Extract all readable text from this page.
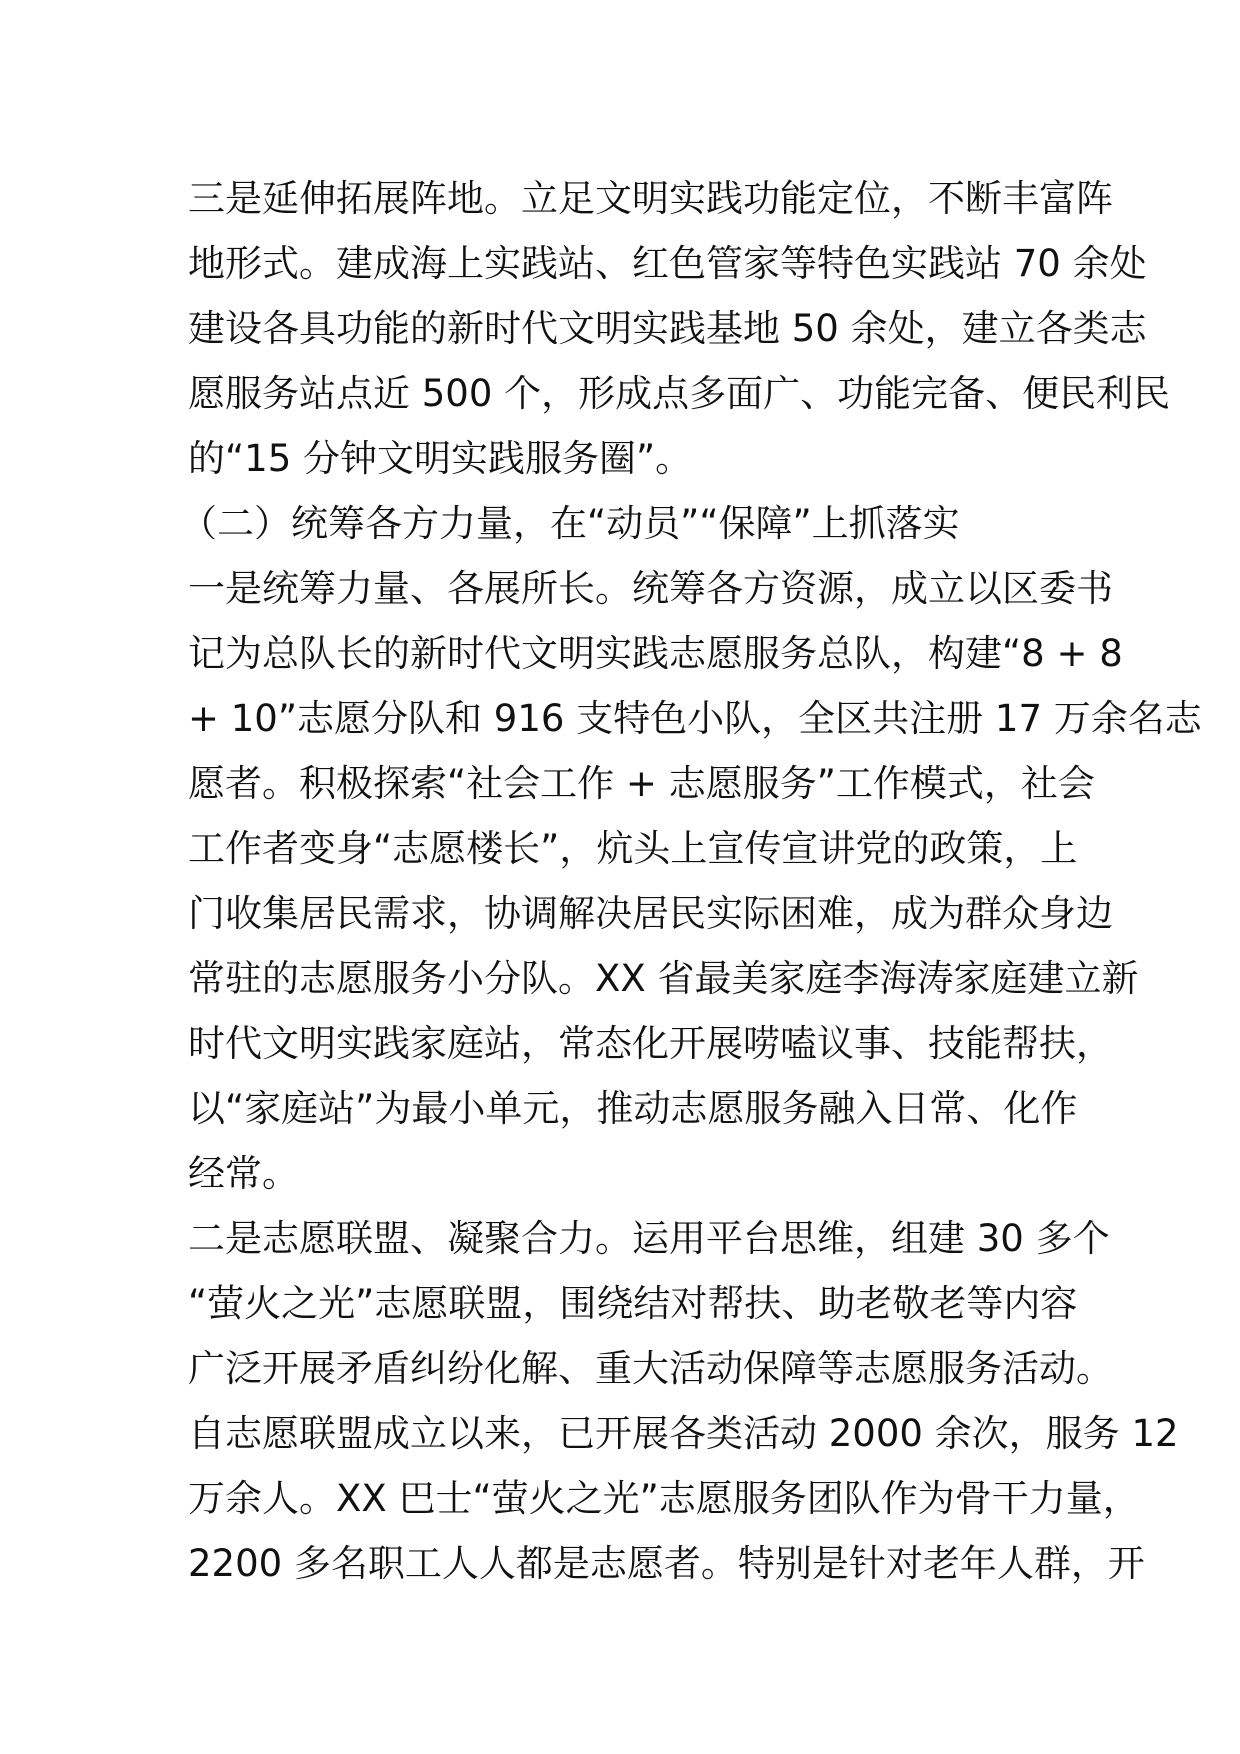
三是延伸拓展阵地。立足文明实践功能定位，不断丰富阵
地形式。建成海上实践站、红色管家等特色实践站 70 余处
建设各具功能的新时代文明实践基地 50 余处，建立各类志
愿服务站点近 500 个，形成点多面广、功能完备、便民利民
的“15 分钟文明实践服务圈”。
（二）统筹各方力量，在“动员”“保障”上抓落实
一是统筹力量、各展所长。统筹各方资源，成立以区委书
记为总队长的新时代文明实践志愿服务总队，构建“8 + 8
+ 10”志愿分队和 916 支特色小队，全区共注册 17 万余名志
愿者。积极探索“社会工作 + 志愿服务”工作模式，社会
工作者变身“志愿楼长”，炕头上宣传宣讲党的政策，上
门收集居民需求，协调解决居民实际困难，成为群众身边
常驻的志愿服务小分队。XX 省最美家庭李海涛家庭建立新
时代文明实践家庭站，常态化开展唠嗑议事、技能帮扶，
以“家庭站”为最小单元，推动志愿服务融入日常、化作
经常。
二是志愿联盟、凝聚合力。运用平台思维，组建 30 多个
“萤火之光”志愿联盟，围绕结对帮扶、助老敬老等内容
广泛开展矛盾纠纷化解、重大活动保障等志愿服务活动。
自志愿联盟成立以来，已开展各类活动 2000 余次，服务 12
万余人。XX 巴士“萤火之光”志愿服务团队作为骨干力量，
2200 多名职工人人都是志愿者。特别是针对老年人群，开
